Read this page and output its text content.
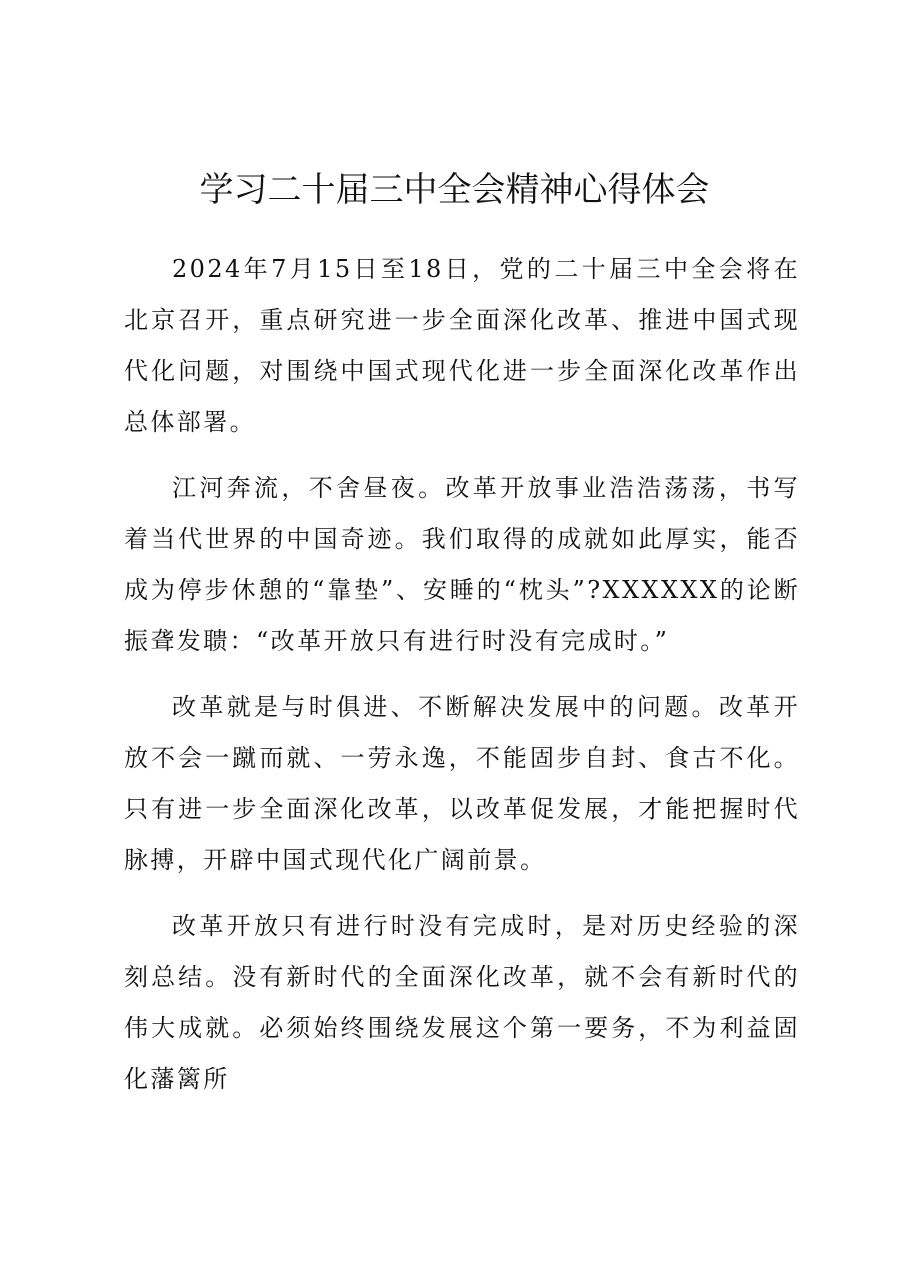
学习二十届三中全会精神心得体会

2024年7月15日至18日，党的二十届三中全会将在北京召开，重点研究进一步全面深化改革、推进中国式现代化问题，对围绕中国式现代化进一步全面深化改革作出总体部署。

江河奔流，不舍昼夜。改革开放事业浩浩荡荡，书写着当代世界的中国奇迹。我们取得的成就如此厚实，能否成为停步休憩的“靠垫”、安睡的“枕头”?XXXXXX的论断振聋发聩：“改革开放只有进行时没有完成时。”

改革就是与时俱进、不断解决发展中的问题。改革开放不会一蹴而就、一劳永逸，不能固步自封、食古不化。只有进一步全面深化改革，以改革促发展，才能把握时代脉搏，开辟中国式现代化广阔前景。

改革开放只有进行时没有完成时，是对历史经验的深刻总结。没有新时代的全面深化改革，就不会有新时代的伟大成就。必须始终围绕发展这个第一要务，不为利益固化藩篱所
